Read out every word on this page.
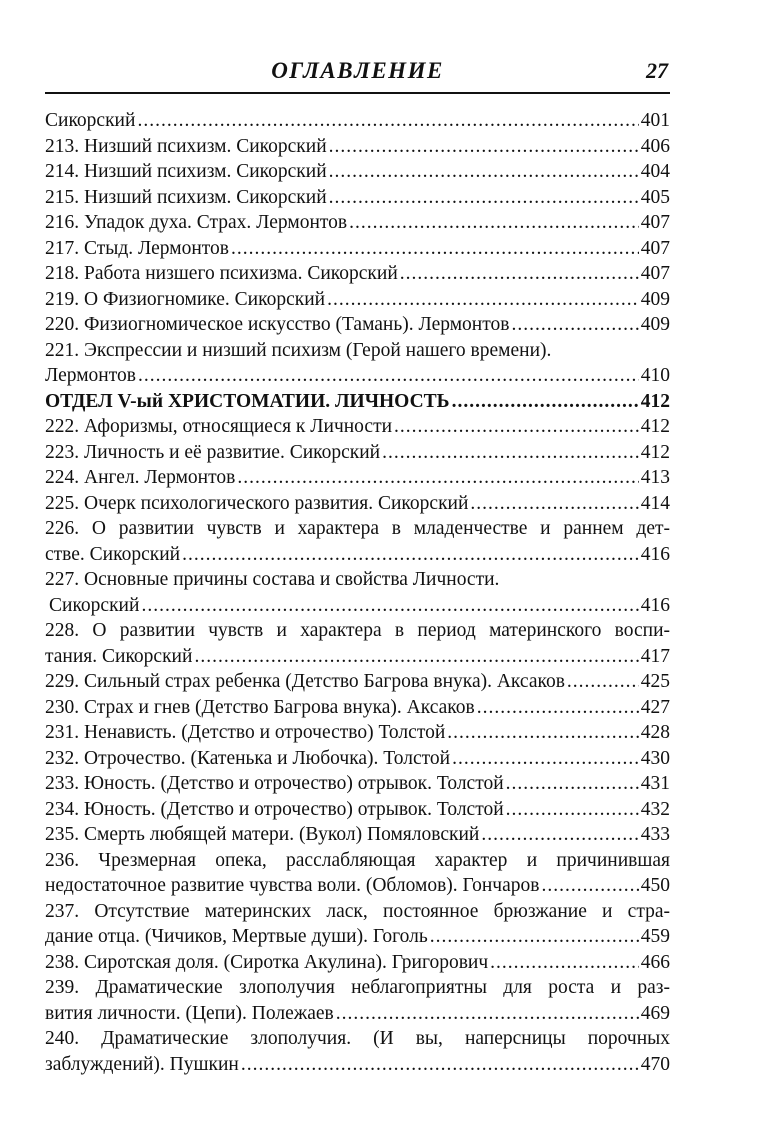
ОГЛАВЛЕНИЕ	27
Сикорский .....	401
213. Низший психизм. Сикорский .....	406
214. Низший психизм. Сикорский .....	404
215. Низший психизм. Сикорский .....	405
216. Упадок духа. Страх. Лермонтов .....	407
217. Стыд. Лермонтов .....	407
218. Работа низшего психизма. Сикорский .....	407
219. О Физиогномике. Сикорский .....	409
220. Физиогномическое искусство (Тамань). Лермонтов .....	409
221. Экспрессии и низший психизм (Герой нашего времени).
Лермонтов .....	410
ОТДЕЛ V-ый ХРИСТОМАТИИ. ЛИЧНОСТЬ .....	412
222. Афоризмы, относящиеся к Личности .....	412
223. Личность и её развитие. Сикорский .....	412
224. Ангел. Лермонтов .....	413
225. Очерк психологического развития. Сикорский .....	414
226. О развитии чувств и характера в младенчестве и раннем дет-
стве. Сикорский .....	416
227. Основные причины состава и свойства Личности.
Сикорский .....	416
228. О развитии чувств и характера в период материнского воспи-
тания. Сикорский .....	417
229. Сильный страх ребенка (Детство Багрова внука). Аксаков .....	425
230. Страх и гнев (Детство Багрова внука). Аксаков .....	427
231. Ненависть. (Детство и отрочество) Толстой .....	428
232. Отрочество. (Катенька и Любочка). Толстой .....	430
233. Юность. (Детство и отрочество) отрывок. Толстой .....	431
234. Юность. (Детство и отрочество) отрывок. Толстой .....	432
235. Смерть любящей матери. (Вукол) Помяловский .....	433
236. Чрезмерная опека, расслабляющая характер и причинившая
недостаточное развитие чувства воли. (Обломов). Гончаров .....	450
237. Отсутствие материнских ласк, постоянное брюзжание и стра-
дание отца. (Чичиков, Мертвые души). Гоголь .....	459
238. Сиротская доля. (Сиротка Акулина). Григорович .....	466
239. Драматические злополучия неблагоприятны для роста и раз-
вития личности. (Цепи). Полежаев .....	469
240. Драматические злополучия. (И вы, наперсницы порочных
заблуждений). Пушкин .....	470
